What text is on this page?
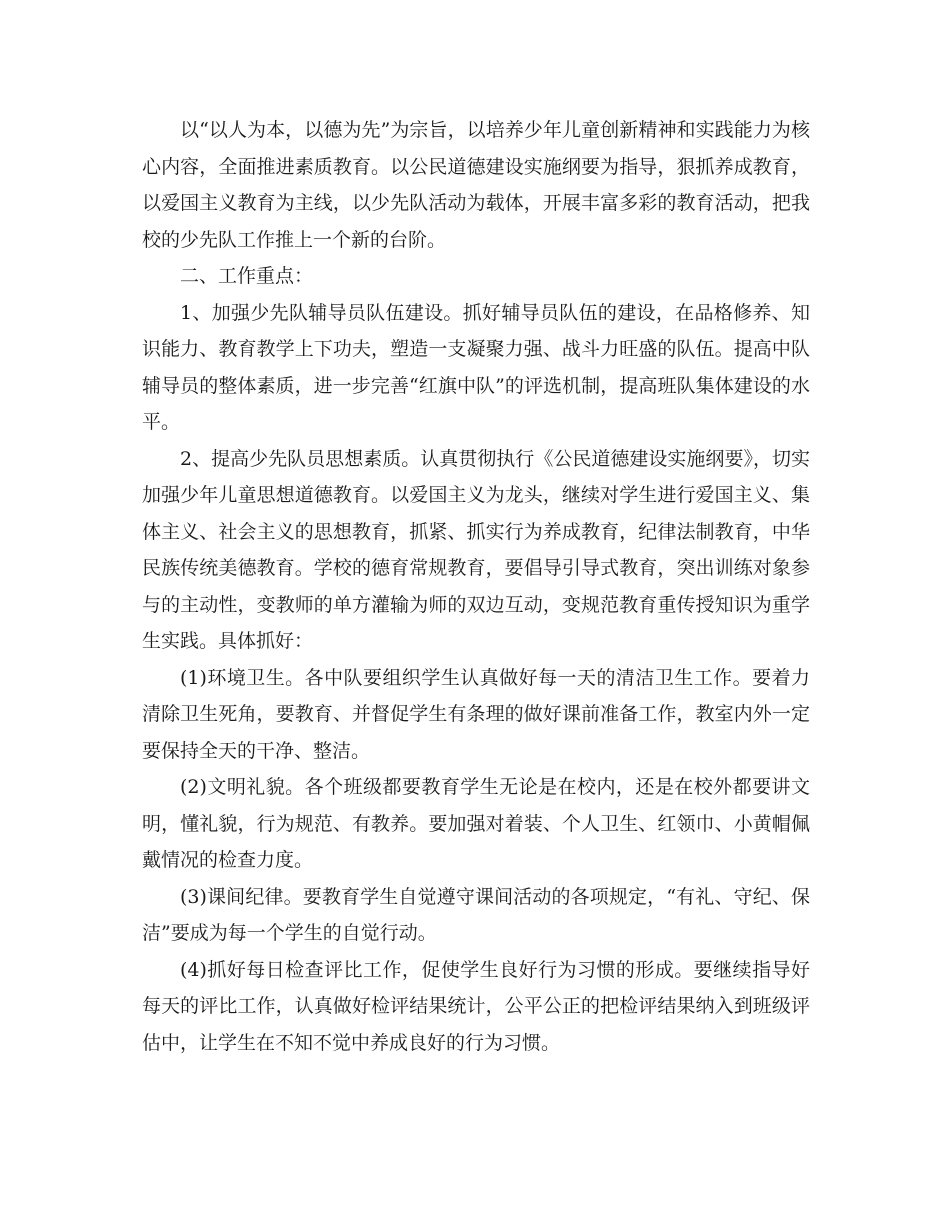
以“以人为本，以德为先”为宗旨，以培养少年儿童创新精神和实践能力为核心内容，全面推进素质教育。以公民道德建设实施纲要为指导，狠抓养成教育，以爱国主义教育为主线，以少先队活动为载体，开展丰富多彩的教育活动，把我校的少先队工作推上一个新的台阶。

二、工作重点：

1、加强少先队辅导员队伍建设。抓好辅导员队伍的建设，在品格修养、知识能力、教育教学上下功夫，塑造一支凝聚力强、战斗力旺盛的队伍。提高中队辅导员的整体素质，进一步完善“红旗中队”的评选机制，提高班队集体建设的水平。

2、提高少先队员思想素质。认真贯彻执行《公民道德建设实施纲要》，切实加强少年儿童思想道德教育。以爱国主义为龙头，继续对学生进行爱国主义、集体主义、社会主义的思想教育，抓紧、抓实行为养成教育，纪律法制教育，中华民族传统美德教育。学校的德育常规教育，要倡导引导式教育，突出训练对象参与的主动性，变教师的单方灌输为师的双边互动，变规范教育重传授知识为重学生实践。具体抓好：

(1)环境卫生。各中队要组织学生认真做好每一天的清洁卫生工作。要着力清除卫生死角，要教育、并督促学生有条理的做好课前准备工作，教室内外一定要保持全天的干净、整洁。

(2)文明礼貌。各个班级都要教育学生无论是在校内，还是在校外都要讲文明，懂礼貌，行为规范、有教养。要加强对着装、个人卫生、红领巾、小黄帽佩戴情况的检查力度。

(3)课间纪律。要教育学生自觉遵守课间活动的各项规定，“有礼、守纪、保洁”要成为每一个学生的自觉行动。

(4)抓好每日检查评比工作，促使学生良好行为习惯的形成。要继续指导好每天的评比工作，认真做好检评结果统计，公平公正的把检评结果纳入到班级评估中，让学生在不知不觉中养成良好的行为习惯。
